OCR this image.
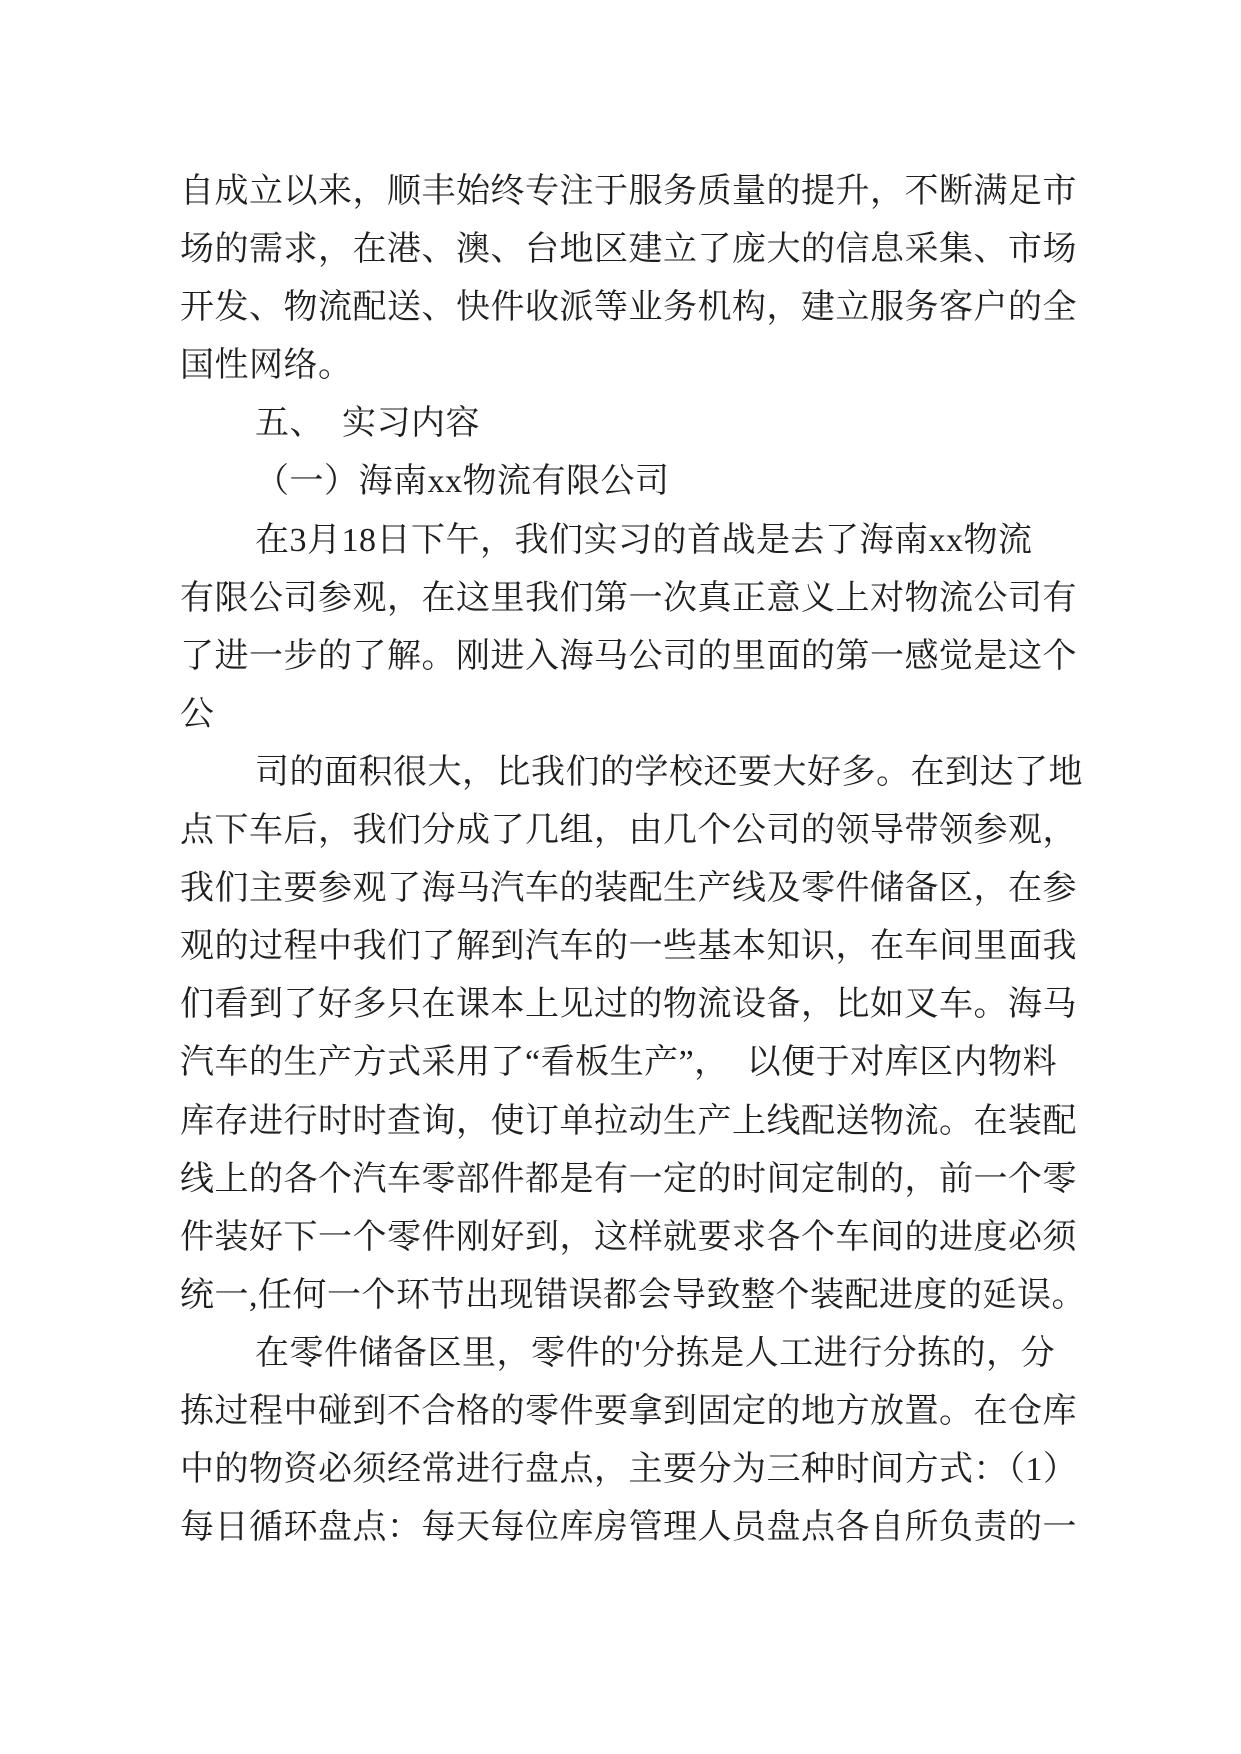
自成立以来，顺丰始终专注于服务质量的提升，不断满足市
场的需求，在港、澳、台地区建立了庞大的信息采集、市场
开发、物流配送、快件收派等业务机构，建立服务客户的全
国性网络。
五、  实习内容
（一）海南xx物流有限公司
在3月18日下午，我们实习的首战是去了海南xx物流
有限公司参观，在这里我们第一次真正意义上对物流公司有
了进一步的了解。刚进入海马公司的里面的第一感觉是这个
公
司的面积很大，比我们的学校还要大好多。在到达了地
点下车后，我们分成了几组，由几个公司的领导带领参观，
我们主要参观了海马汽车的装配生产线及零件储备区，在参
观的过程中我们了解到汽车的一些基本知识，在车间里面我
们看到了好多只在课本上见过的物流设备，比如叉车。海马
汽车的生产方式采用了“看板生产”，  以便于对库区内物料
库存进行时时查询，使订单拉动生产上线配送物流。在装配
线上的各个汽车零部件都是有一定的时间定制的，前一个零
件装好下一个零件刚好到，这样就要求各个车间的进度必须
统一,任何一个环节出现错误都会导致整个装配进度的延误。
在零件储备区里，零件的'分拣是人工进行分拣的，分
拣过程中碰到不合格的零件要拿到固定的地方放置。在仓库
中的物资必须经常进行盘点，主要分为三种时间方式：（1）
每日循环盘点：每天每位库房管理人员盘点各自所负责的一
